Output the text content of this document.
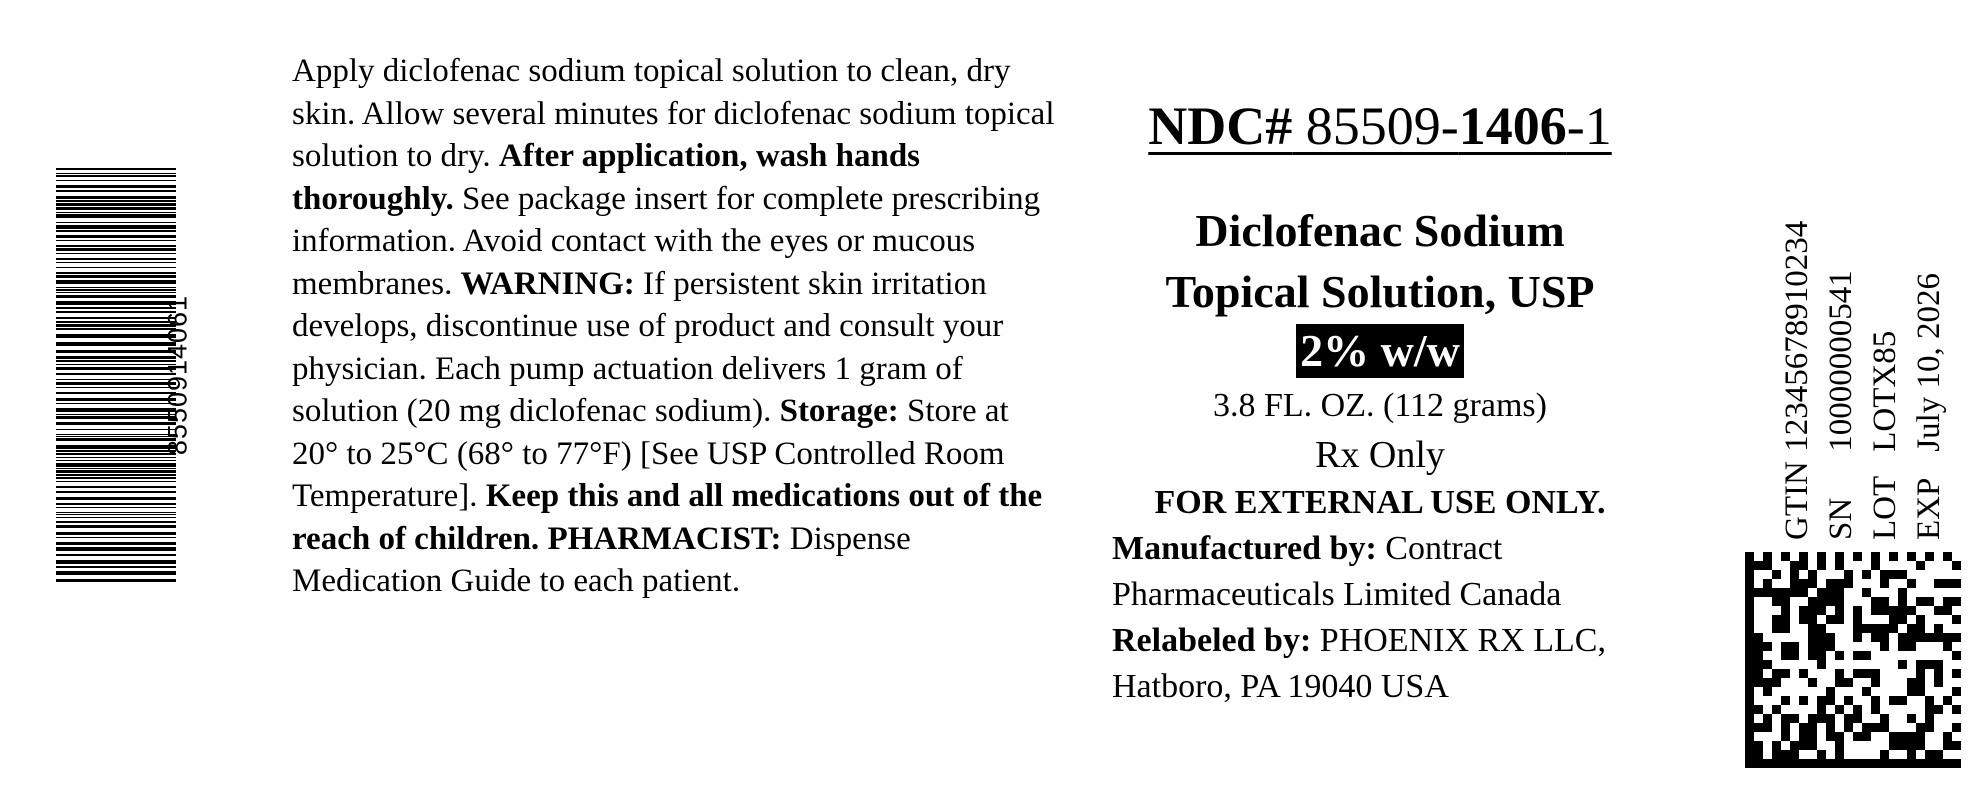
8550914061

Apply diclofenac sodium topical solution to clean, dry skin. Allow several minutes for diclofenac sodium topical solution to dry. After application, wash hands thoroughly. See package insert for complete prescribing information. Avoid contact with the eyes or mucous membranes. WARNING: If persistent skin irritation develops, discontinue use of product and consult your physician. Each pump actuation delivers 1 gram of solution (20 mg diclofenac sodium). Storage: Store at 20° to 25°C (68° to 77°F) [See USP Controlled Room Temperature]. Keep this and all medications out of the reach of children. PHARMACIST: Dispense Medication Guide to each patient.

NDC# 85509-1406-1
Diclofenac Sodium
Topical Solution, USP
2% w/w
3.8 FL. OZ. (112 grams)
Rx Only
FOR EXTERNAL USE ONLY.
Manufactured by: Contract Pharmaceuticals Limited Canada
Relabeled by: PHOENIX RX LLC, Hatboro, PA 19040 USA
GTIN 12345678910234
SN 10000000541
LOT LOTX85
EXP July 10, 2026
